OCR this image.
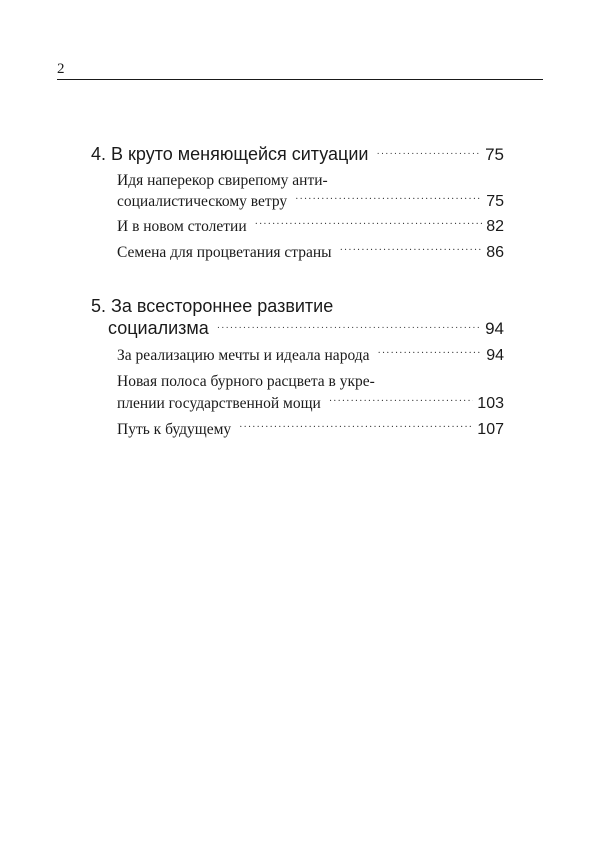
2
4. В круто меняющейся ситуации ·····	75
Идя наперекор свирепому анти-
социалистическому ветру ·····	75
И в новом столетии ·····	82
Семена для процветания страны ·····	86
5. За всестороннее развитие
социализма ·····	94
За реализацию мечты и идеала народа ·····	94
Новая полоса бурного расцвета в укре-
плении государственной мощи ·····	103
Путь к будущему ·····	107
